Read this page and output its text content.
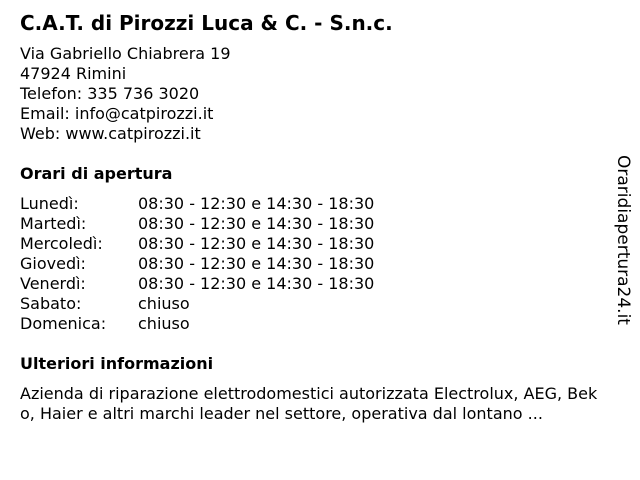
C.A.T. di Pirozzi Luca & C. - S.n.c.
Via Gabriello Chiabrera 19
47924 Rimini
Telefon: 335 736 3020
Email: info@catpirozzi.it
Web: www.catpirozzi.it
Orari di apertura
Lunedì:	08:30 - 12:30 e 14:30 - 18:30
Martedì:	08:30 - 12:30 e 14:30 - 18:30
Mercoledì:	08:30 - 12:30 e 14:30 - 18:30
Giovedì:	08:30 - 12:30 e 14:30 - 18:30
Venerdì:	08:30 - 12:30 e 14:30 - 18:30
Sabato:	chiuso
Domenica:	chiuso
Ulteriori informazioni
Azienda di riparazione elettrodomestici autorizzata Electrolux, AEG, Beko, Haier e altri marchi leader nel settore, operativa dal lontano ...
Oraridiapertura24.it
